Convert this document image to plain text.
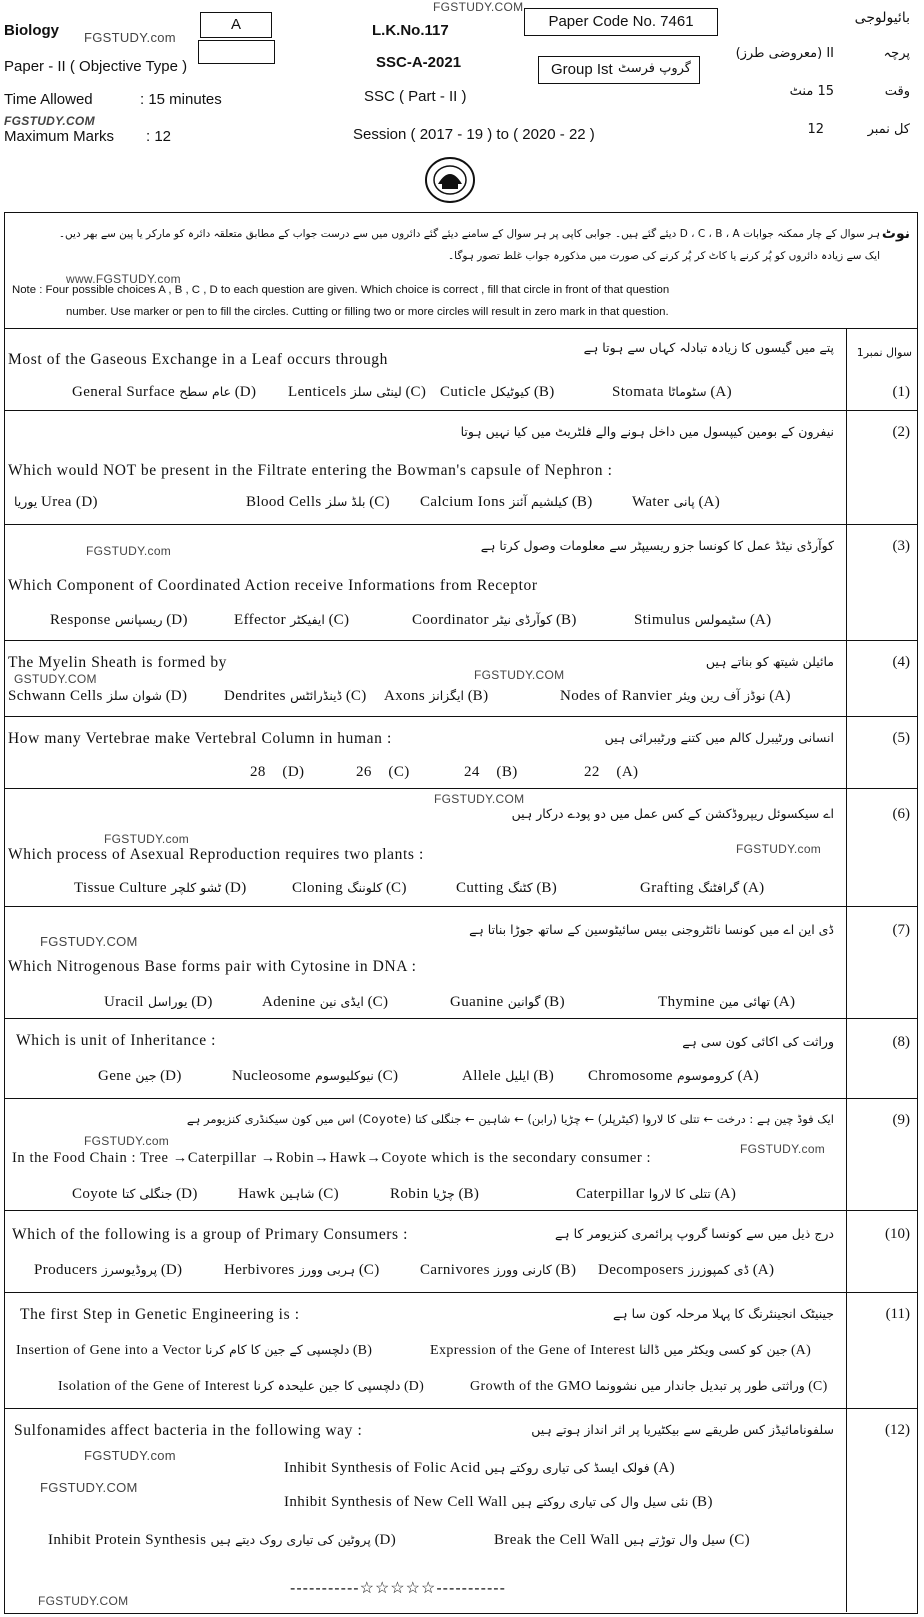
FGSTUDY.COM
Biology FGSTUDY.com
A
Paper - II ( Objective Type )
Time Allowed	: 15 minutes
FGSTUDY.COM
Maximum Marks : 12
L.K.No.117
Paper Code No. 7461
SSC-A-2021	Group Ist گروپ فرسٹ
SSC ( Part - II )
Session ( 2017 - 19 ) to ( 2020 - 22 )
بائیولوجی
پرچہ
II (معروضی طرز)
وقت
15 منٹ
کل نمبر
12
نوٹ
ہر سوال کے چار ممکنہ جوابات D ، C ، B ، A دیئے گئے ہیں۔ جوابی کاپی پر ہر سوال کے سامنے دیئے گئے دائروں میں سے درست جواب کے مطابق متعلقہ دائرہ کو مارکر یا پین سے بھر دیں۔
ایک سے زیادہ دائروں کو پُر کرنے یا کاٹ کر پُر کرنے کی صورت میں مذکورہ جواب غلط تصور ہوگا۔
www.FGSTUDY.com
Note : Four possible choices A , B , C , D to each question are given. Which choice is correct , fill that circle in front of that question
number. Use marker or pen to fill the circles. Cutting or filling two or more circles will result in zero mark in that question.
سوال نمبر1
Most of the Gaseous Exchange in a Leaf occurs through
پتے میں گیسوں کا زیادہ تبادلہ کہاں سے ہوتا ہے
(1)
General Surface عام سطح (D) Lenticels لینٹی سلز (C) Cuticle کیوٹیکل (B)	Stomata سٹوماٹا (A)
نیفرون کے بومین کیپسول میں داخل ہونے والے فلٹریٹ میں کیا نہیں ہوتا	(2)
Which would NOT be present in the Filtrate entering the Bowman's capsule of Nephron :
یوریا Urea (D)	Blood Cells بلڈ سلز (C) Calcium Ions کیلشیم آئنز (B)	Water پانی (A)
FGSTUDY.com	کوآرڈی نیٹڈ عمل کا کونسا جزو ریسیپٹر سے معلومات وصول کرتا ہے	(3)
Which Component of Coordinated Action receive Informations from Receptor
Response ریسپانس (D)	Effector ایفیکٹر (C)	Coordinator کوآرڈی نیٹر (B)	Stimulus سٹیمولس (A)
The Myelin Sheath is formed by
GSTUDY.COM	FGSTUDY.COM
مائیلن شیتھ کو بناتے ہیں	(4)
Schwann Cells شوان سلز (D) Dendrites ڈینڈرائٹس (C) Axons ایگزانز (B)	Nodes of Ranvier نوڈز آف رین ویئر (A)
How many Vertebrae make Vertebral Column in human :	انسانی ورٹیبرل کالم میں کتنے ورٹیبرائی ہیں	(5)
28 (D)	26 (C)	24 (B)	22 (A)
FGSTUDY.COM
اے سیکسوئل ریپروڈکشن کے کس عمل میں دو پودے درکار ہیں	(6)
FGSTUDY.com
FGSTUDY.com
Which process of Asexual Reproduction requires two plants :
Tissue Culture ٹشو کلچر (D)	Cloning کلوننگ (C)	Cutting کٹنگ (B)	Grafting گرافٹنگ (A)
FGSTUDY.COM
ڈی این اے میں کونسا نائٹروجنی بیس سائیٹوسین کے ساتھ جوڑا بناتا ہے	(7)
Which Nitrogenous Base forms pair with Cytosine in DNA :
Uracil یوراسل (D)	Adenine ایڈی نین (C)	Guanine گوانین (B)	Thymine تھائی مین (A)
Which is unit of Inheritance :	وراثت کی اکائی کون سی ہے	(8)
Gene جین (D)	Nucleosome نیوکلیوسوم (C)	Allele ایلیل (B) Chromosome کروموسوم (A)
ایک فوڈ چین ہے : درخت ← تتلی کا لاروا (کیٹرپلر) ← چڑیا (رابن) ← شاہین ← جنگلی کتا (Coyote) اس میں کون سیکنڈری کنزیومر ہے	(9)
FGSTUDY.com
FGSTUDY.com
In the Food Chain : Tree →Caterpillar →Robin→Hawk→Coyote which is the secondary consumer :
Coyote جنگلی کتا (D)	Hawk شاہین (C)	Robin چڑیا (B)	Caterpillar تتلی کا لاروا (A)
Which of the following is a group of Primary Consumers :	درج ذیل میں سے کونسا گروپ پرائمری کنزیومر کا ہے	(10)
Producers پروڈیوسرز (D)	Herbivores ہربی وورز (C)	Carnivores کارنی وورز (B) Decomposers ڈی کمپوزرز (A)
The first Step in Genetic Engineering is :	جینیٹک انجینئرنگ کا پہلا مرحلہ کون سا ہے	(11)
Insertion of Gene into a Vector دلچسپی کے جین کا کام کرنا (B)	Expression of the Gene of Interest جین کو کسی ویکٹر میں ڈالنا (A)
Isolation of the Gene of Interest دلچسپی کا جین علیحدہ کرنا (D)	Growth of the GMO وراثتی طور پر تبدیل جاندار میں نشوونما (C)
Sulfonamides affect bacteria in the following way :	سلفونامائیڈز کس طریقے سے بیکٹیریا پر اثر انداز ہوتے ہیں	(12)
FGSTUDY.com
Inhibit Synthesis of Folic Acid فولک ایسڈ کی تیاری روکتے ہیں (A)
FGSTUDY.COM
Inhibit Synthesis of New Cell Wall نئی سیل وال کی تیاری روکتے ہیں (B)
Inhibit Protein Synthesis پروٹین کی تیاری روک دیتے ہیں (D)	Break the Cell Wall سیل وال توڑتے ہیں (C)
-----------☆☆☆☆☆-----------
FGSTUDY.COM
